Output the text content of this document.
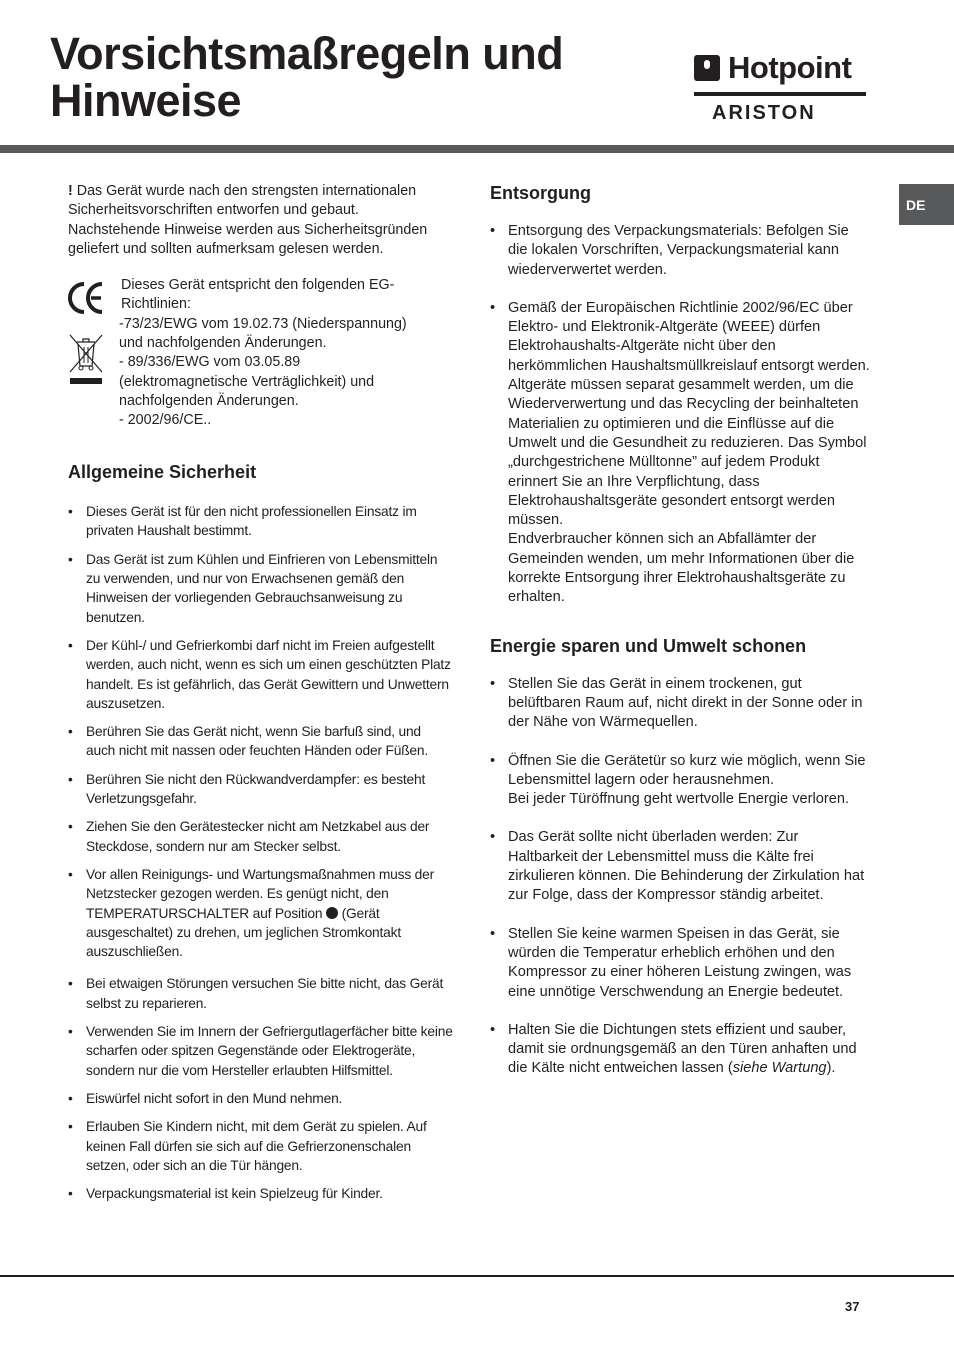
Vorsichtsmaßregeln und
Hinweise
Hotpoint
ARISTON
DE

! Das Gerät wurde nach den strengsten internationalen Sicherheitsvorschriften entworfen und gebaut. Nachstehende Hinweise werden aus Sicherheitsgründen geliefert und sollten aufmerksam gelesen werden.

Dieses Gerät entspricht den folgenden EG-
Richtlinien:
-73/23/EWG vom 19.02.73 (Niederspannung)
und nachfolgenden Änderungen.
- 89/336/EWG vom 03.05.89
(elektromagnetische Verträglichkeit) und
nachfolgenden Änderungen.
- 2002/96/CE..
Allgemeine Sicherheit
• Dieses Gerät ist für den nicht professionellen Einsatz im privaten Haushalt bestimmt.
• Das Gerät ist zum Kühlen und Einfrieren von Lebensmitteln zu verwenden, und nur von Erwachsenen gemäß den Hinweisen der vorliegenden Gebrauchsanweisung zu benutzen.
• Der Kühl-/ und Gefrierkombi darf nicht im Freien aufgestellt werden, auch nicht, wenn es sich um einen geschützten Platz handelt. Es ist gefährlich, das Gerät Gewittern und Unwettern auszusetzen.
• Berühren Sie das Gerät nicht, wenn Sie barfuß sind, und auch nicht mit nassen oder feuchten Händen oder Füßen.
• Berühren Sie nicht den Rückwandverdampfer: es besteht Verletzungsgefahr.
• Ziehen Sie den Gerätestecker nicht am Netzkabel aus der Steckdose, sondern nur am Stecker selbst.
• Vor allen Reinigungs- und Wartungsmaßnahmen muss der Netzstecker gezogen werden. Es genügt nicht, den TEMPERATURSCHALTER auf Position  (Gerät ausgeschaltet) zu drehen, um jeglichen Stromkontakt auszuschließen.
• Bei etwaigen Störungen versuchen Sie bitte nicht, das Gerät selbst zu reparieren.
• Verwenden Sie im Innern der Gefriergutlagerfächer bitte keine scharfen oder spitzen Gegenstände oder Elektrogeräte, sondern nur die vom Hersteller erlaubten Hilfsmittel.
• Eiswürfel nicht sofort in den Mund nehmen.
• Erlauben Sie Kindern nicht, mit dem Gerät zu spielen. Auf keinen Fall dürfen sie sich auf die Gefrierzonenschalen setzen, oder sich an die Tür hängen.
• Verpackungsmaterial ist kein Spielzeug für Kinder.
Entsorgung
• Entsorgung des Verpackungsmaterials: Befolgen Sie die lokalen Vorschriften, Verpackungsmaterial kann wiederverwertet werden.
• Gemäß der Europäischen Richtlinie 2002/96/EC über Elektro- und Elektronik-Altgeräte (WEEE) dürfen Elektrohaushalts-Altgeräte nicht über den herkömmlichen Haushaltsmüllkreislauf entsorgt werden. Altgeräte müssen separat gesammelt werden, um die Wiederverwertung und das Recycling der beinhalteten Materialien zu optimieren und die Einflüsse auf die Umwelt und die Gesundheit zu reduzieren. Das Symbol „durchgestrichene Mülltonne” auf jedem Produkt erinnert Sie an Ihre Verpflichtung, dass Elektrohaushaltsgeräte gesondert entsorgt werden müssen.
Endverbraucher können sich an Abfallämter der Gemeinden wenden, um mehr Informationen über die korrekte Entsorgung ihrer Elektrohaushaltsgeräte zu erhalten.
Energie sparen und Umwelt schonen
• Stellen Sie das Gerät in einem trockenen, gut belüftbaren Raum auf, nicht direkt in der Sonne oder in der Nähe von Wärmequellen.
• Öffnen Sie die Gerätetür so kurz wie möglich, wenn Sie Lebensmittel lagern oder herausnehmen.
Bei jeder Türöffnung geht wertvolle Energie verloren.
• Das Gerät sollte nicht überladen werden: Zur Haltbarkeit der Lebensmittel muss die Kälte frei zirkulieren können. Die Behinderung der Zirkulation hat zur Folge, dass der Kompressor ständig arbeitet.
• Stellen Sie keine warmen Speisen in das Gerät, sie würden die Temperatur erheblich erhöhen und den Kompressor zu einer höheren Leistung zwingen, was eine unnötige Verschwendung an Energie bedeutet.
• Halten Sie die Dichtungen stets effizient und sauber, damit sie ordnungsgemäß an den Türen anhaften und die Kälte nicht entweichen lassen (siehe Wartung).
37
